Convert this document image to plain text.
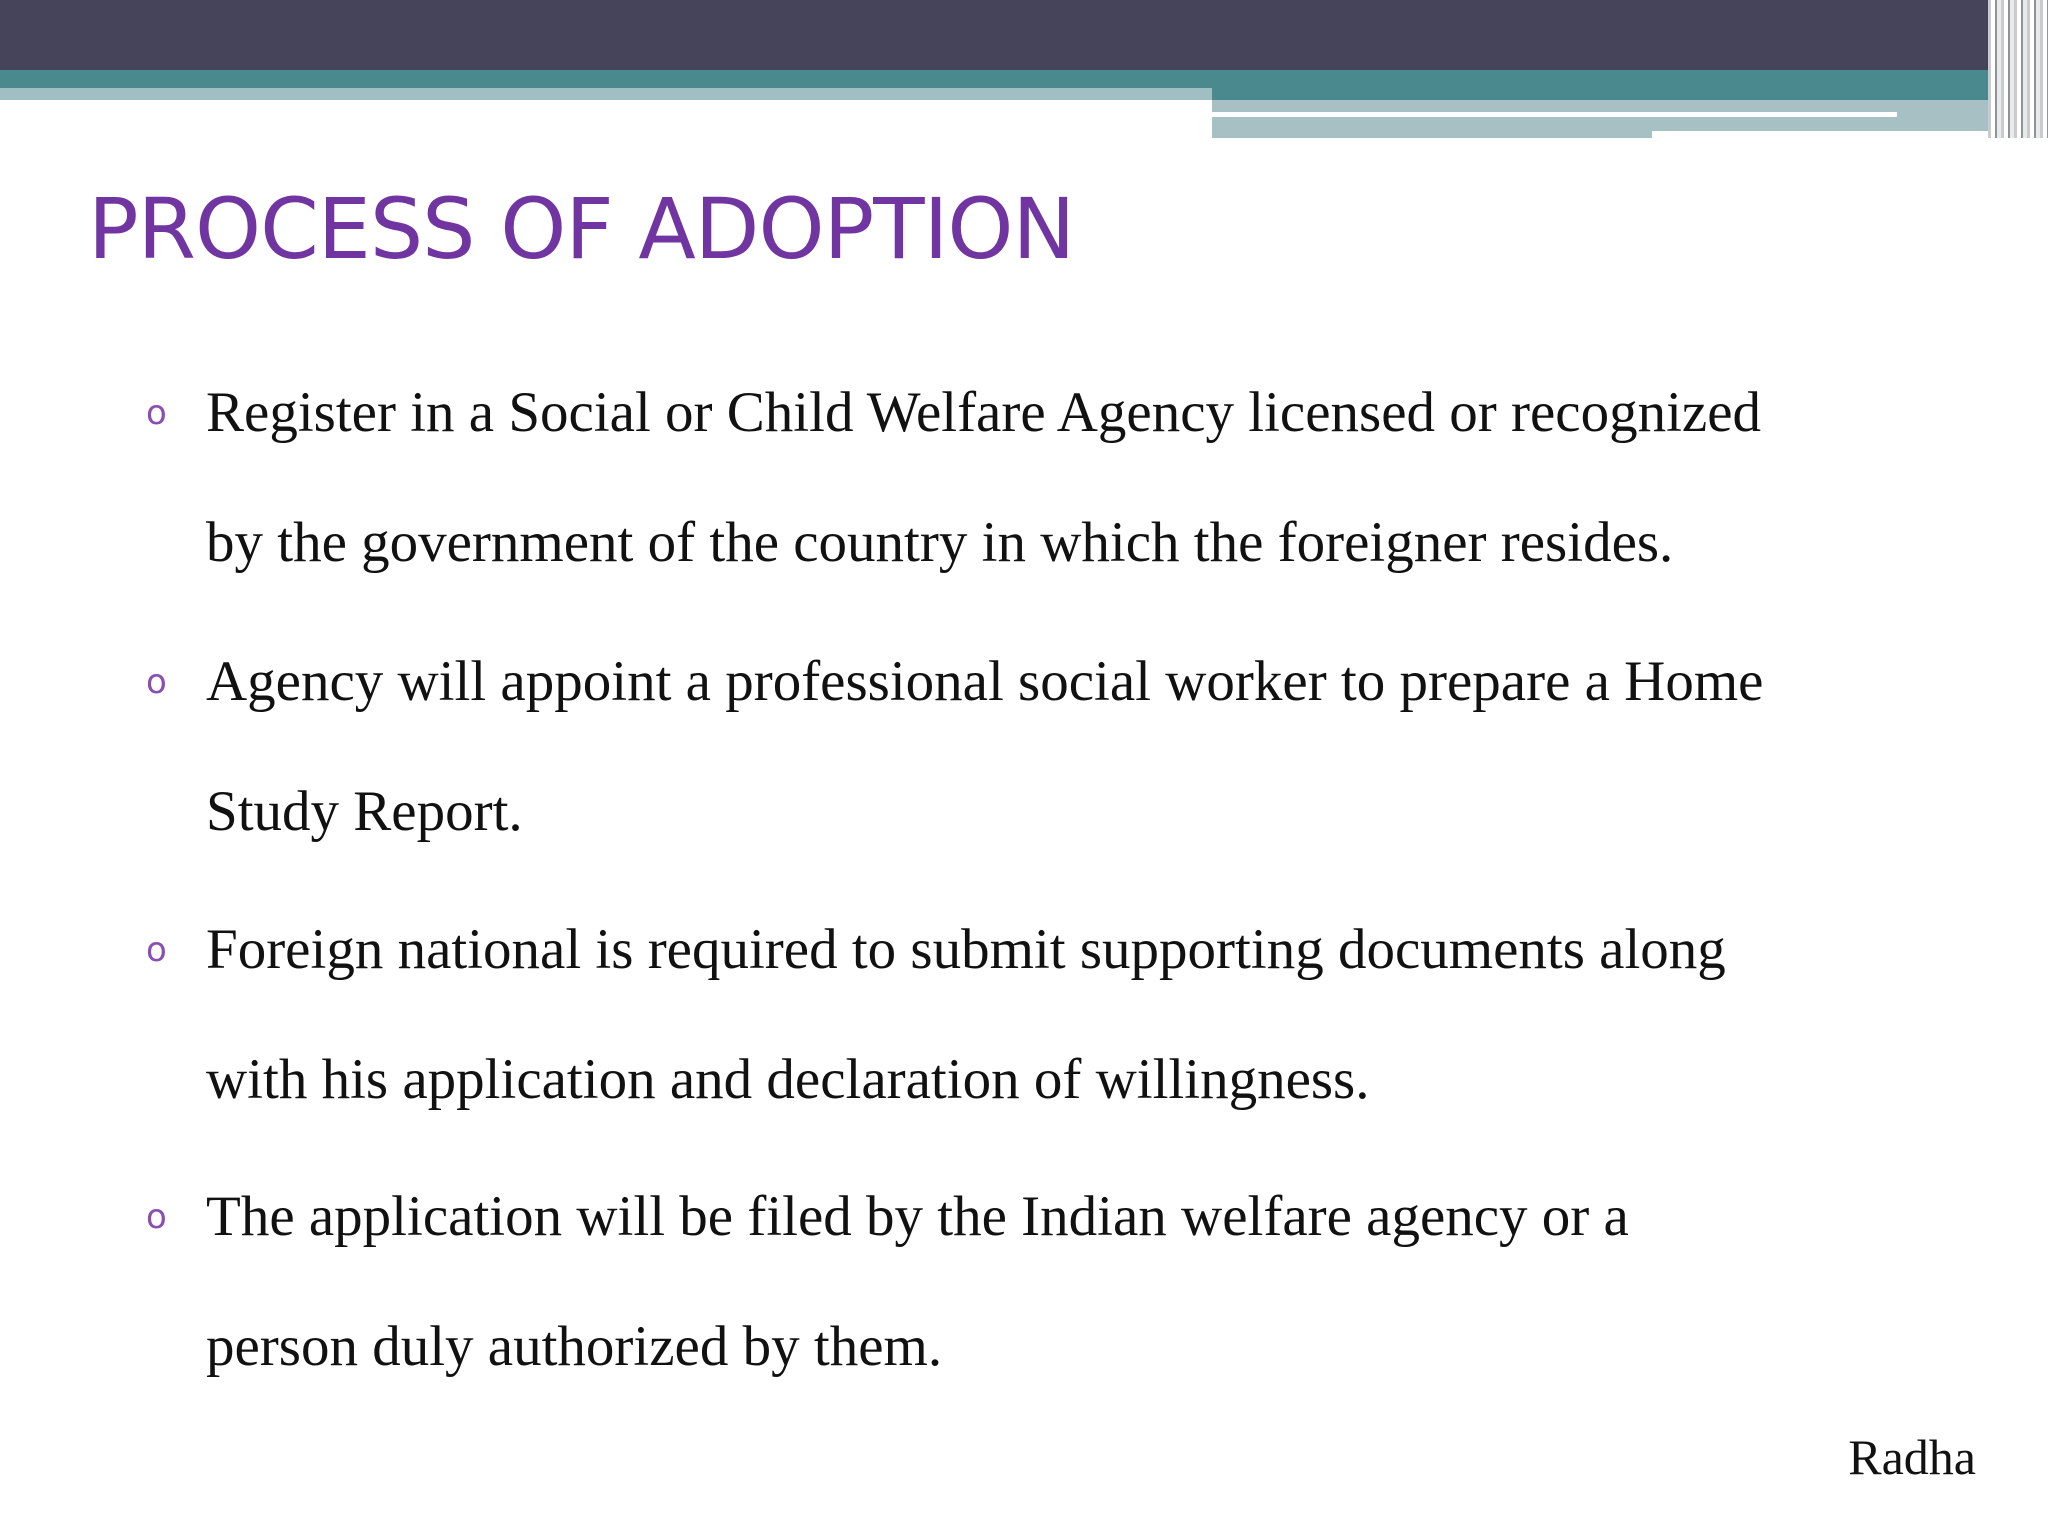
PROCESS OF ADOPTION
o Register in a Social or Child Welfare Agency licensed or recognized
by the government of the country in which the foreigner resides.
o Agency will appoint a professional social worker to prepare a Home
Study Report.
o Foreign national is required to submit supporting documents along
with his application and declaration of willingness.
o The application will be filed by the Indian welfare agency or a
person duly authorized by them.
Radha
